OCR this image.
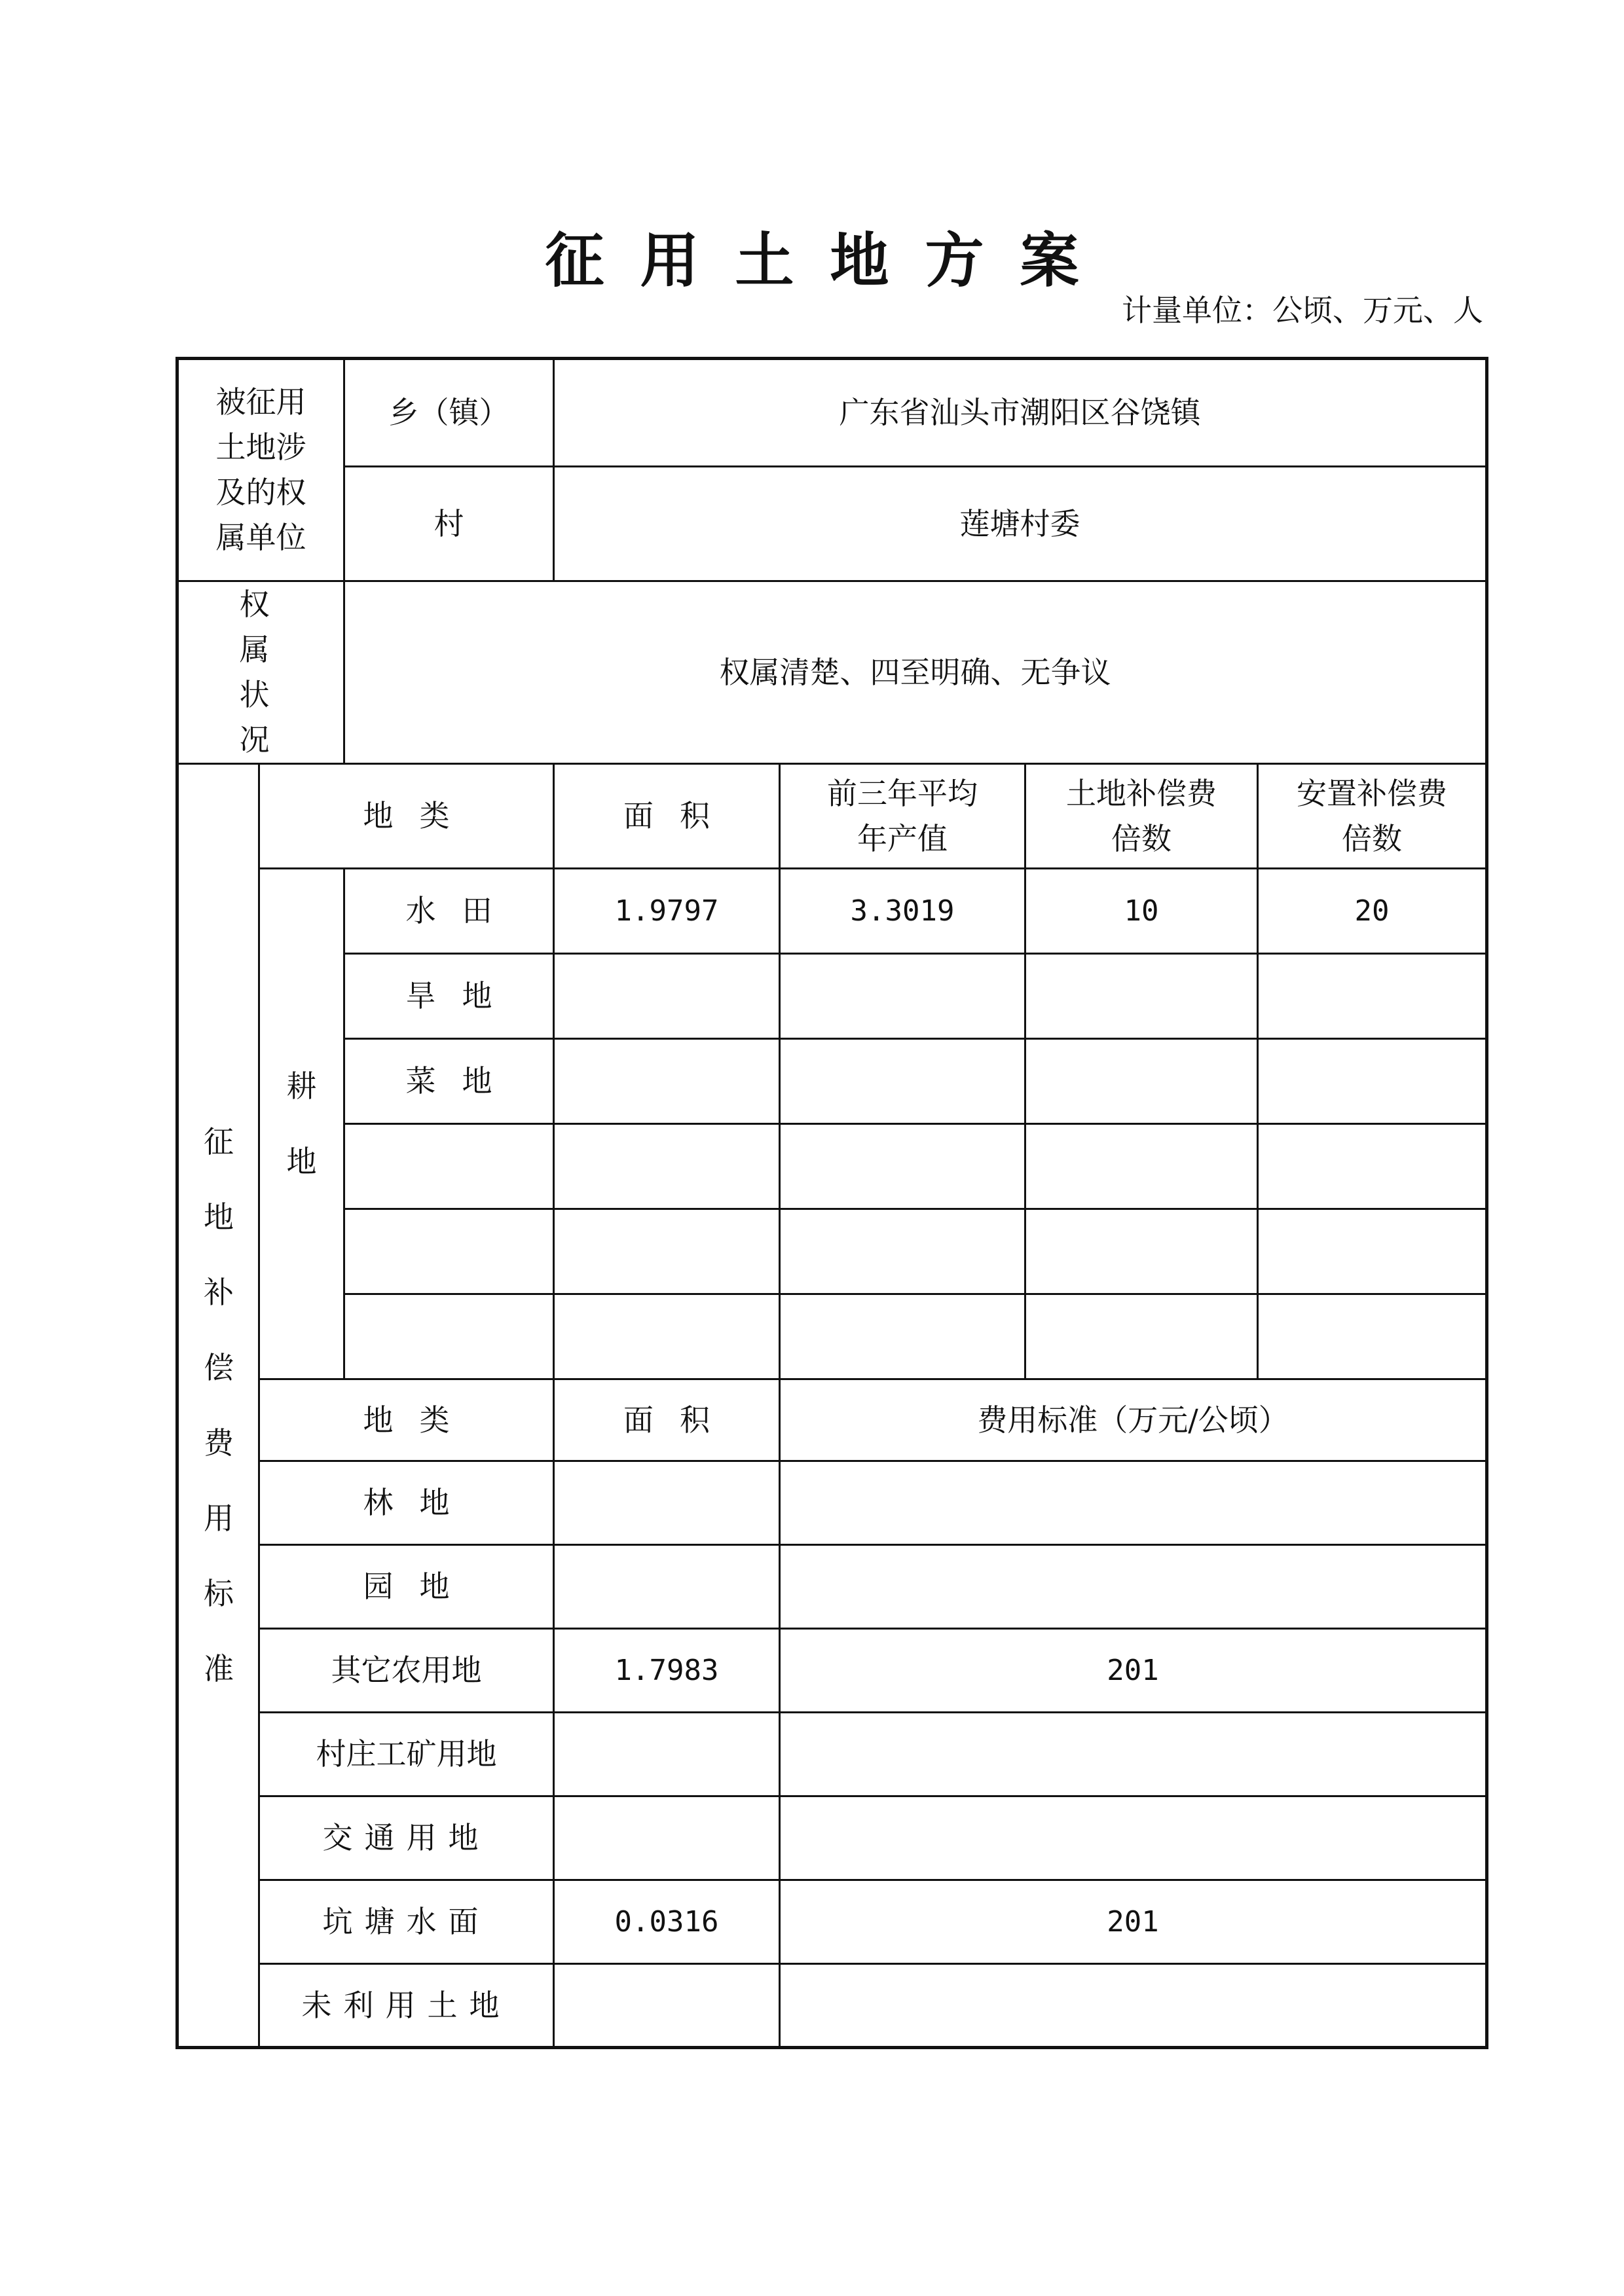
征用土地方案
计量单位：公顷、万元、人
被征用土地涉及的权属单位		乡（镇）	广东省汕头市潮阳区谷饶镇			
		村	莲塘村委			
权属状况		权属清楚、四至明确、无争议				
征地补偿费用标准	地类		面积	前三年平均年产值	土地补偿费倍数	安置补偿费倍数
	耕地	水田	1.9797	3.3019	10	20
		旱地				
		菜地				

	地类		面积	费用标准（万元/公顷）		
	林地					
	园地					
	其它农用地		1.7983	201		
	村庄工矿用地					
	交通用地					
	坑塘水面		0.0316	201		
	未利用土地					
